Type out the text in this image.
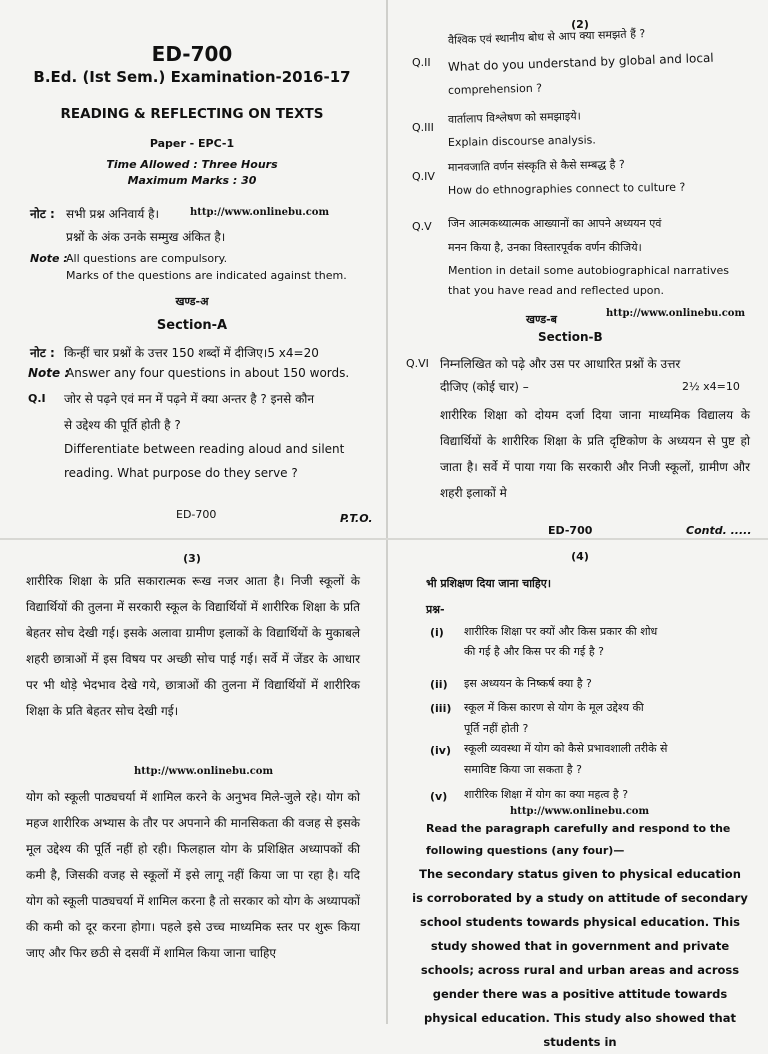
ED-700
B.Ed. (Ist Sem.) Examination-2016-17
READING & REFLECTING ON TEXTS
Paper - EPC-1
Time Allowed : Three Hours
Maximum Marks : 30
नोट : सभी प्रश्न अनिवार्य है।	http://www.onlinebu.com
प्रश्नों के अंक उनके सम्मुख अंकित है।
Note :
All questions are compulsory.
Marks of the questions are indicated against them.
खण्ड-अ
Section-A
नोट : किन्हीं चार प्रश्नों के उत्तर 150 शब्दों में दीजिए।5 x4=20
Note :
Answer any four questions in about 150 words.
Q.I जोर से पढ़ने एवं मन में पढ़ने में क्या अन्तर है ? इनसे कौन
से उद्देश्य की पूर्ति होती है ?
Differentiate between reading aloud and silent
reading. What purpose do they serve ?
ED-700	P.T.O.
(2)
Q.II
वैश्विक एवं स्थानीय बोध से आप क्या समझते हैं ?
What do you understand by global and local
comprehension ?
Q.III
वार्तालाप विश्लेषण को समझाइये।
Explain discourse analysis.
Q.IV
मानवजाति वर्णन संस्कृति से कैसे सम्बद्ध है ?
How do ethnographies connect to culture ?
Q.V जिन आत्मकथ्यात्मक आख्यानों का आपने अध्ययन एवं
मनन किया है, उनका विस्तारपूर्वक वर्णन कीजिये।
Mention in detail some autobiographical narratives
that you have read and reflected upon.
खण्ड-ब	http://www.onlinebu.com
Section-B
Q.VI निम्नलिखित को पढ़े और उस पर आधारित प्रश्नों के उत्तर
दीजिए (कोई चार) –	2½ x4=10
शारीरिक शिक्षा को दोयम दर्जा दिया जाना माध्यमिक विद्यालय के विद्यार्थियों के शारीरिक शिक्षा के प्रति दृष्टिकोण के अध्ययन से पुष्ट हो जाता है। सर्वे में पाया गया कि सरकारी और निजी स्कूलों, ग्रामीण और शहरी इलाकों मे
ED-700	Contd. .....
(3)
शारीरिक शिक्षा के प्रति सकारात्मक रूख नजर आता है। निजी स्कूलों के विद्यार्थियों की तुलना में सरकारी स्कूल के विद्यार्थियों में शारीरिक शिक्षा के प्रति बेहतर सोच देखी गई। इसके अलावा ग्रामीण इलाकों के विद्यार्थियों के मुकाबले शहरी छात्राओं में इस विषय पर अच्छी सोच पाई गई। सर्वे में जेंडर के आधार पर भी थोड़े भेदभाव देखे गये, छात्राओं की तुलना में विद्यार्थियों में शारीरिक शिक्षा के प्रति बेहतर सोच देखी गई।
http://www.onlinebu.com
योग को स्कूली पाठ्यचर्या में शामिल करने के अनुभव मिले-जुले रहे। योग को महज शारीरिक अभ्यास के तौर पर अपनाने की मानसिकता की वजह से इसके मूल उद्देश्य की पूर्ति नहीं हो रही। फिलहाल योग के प्रशिक्षित अध्यापकों की कमी है, जिसकी वजह से स्कूलों में इसे लागू नहीं किया जा पा रहा है। यदि योग को स्कूली पाठ्यचर्या में शामिल करना है तो सरकार को योग के अध्यापकों की कमी को दूर करना होगा। पहले इसे उच्च माध्यमिक स्तर पर शुरू किया जाए और फिर छठी से दसवीं में शामिल किया जाना चाहिए
(4)
भी प्रशिक्षण दिया जाना चाहिए।
प्रश्न-
(i) शारीरिक शिक्षा पर क्यों और किस प्रकार की शोध
की गई है और किस पर की गई है ?
(ii) इस अध्ययन के निष्कर्ष क्या है ?
(iii) स्कूल में किस कारण से योग के मूल उद्देश्य की
पूर्ति नहीं होती ?
(iv) स्कूली व्यवस्था में योग को कैसे प्रभावशाली तरीके से
समाविष्ट किया जा सकता है ?
(v) शारीरिक शिक्षा में योग का क्या महत्व है ?
http://www.onlinebu.com
Read the paragraph carefully and respond to the
following questions (any four)—
The secondary status given to physical education is corroborated by a study on attitude of secondary school students towards physical education. This study showed that in government and private schools; across rural and urban areas and across gender there was a positive attitude towards physical education. This study also showed that students in
